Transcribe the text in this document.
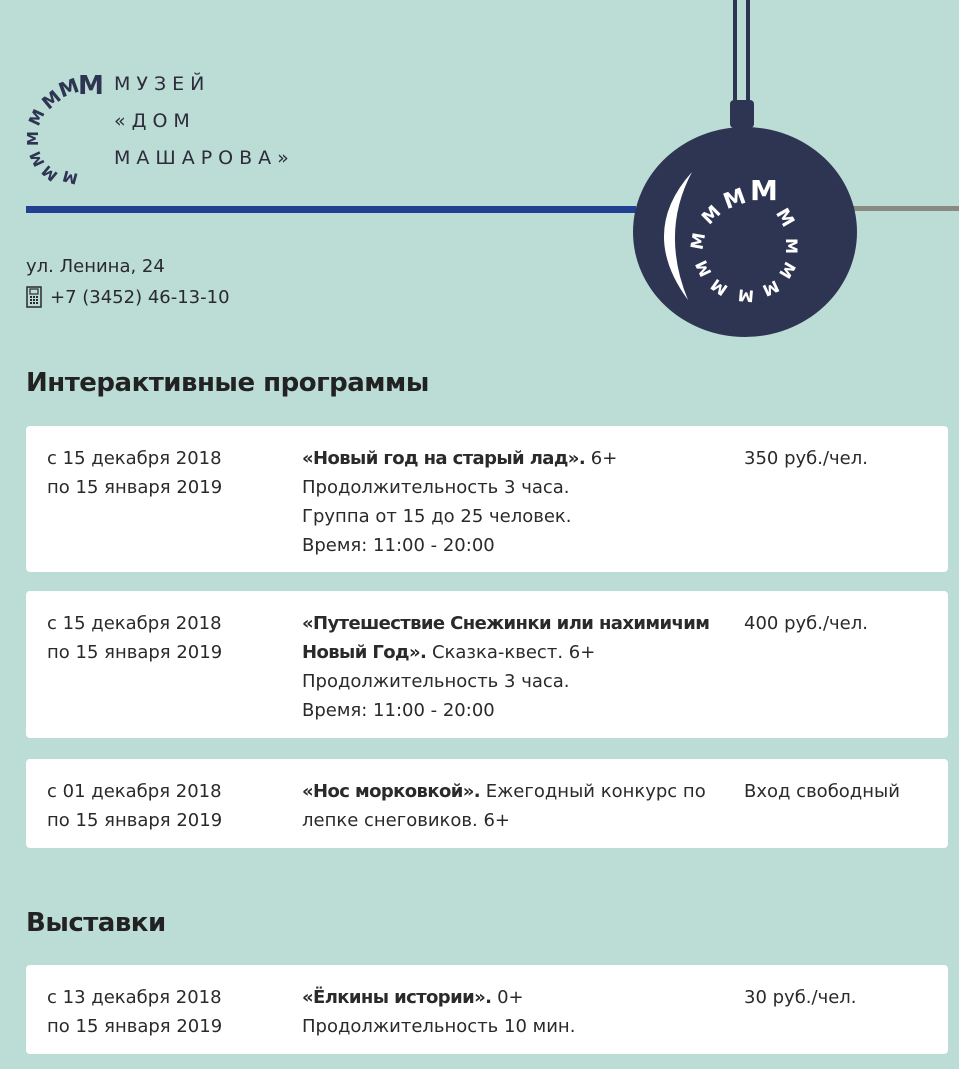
М
М
М
М
М
М
М М
МУЗЕЙ
«ДОМ
МАШАРОВА»
М
М
М
М
М
М М М
М
М
М
ул. Ленина, 24
+7 (3452) 46-13-10
Интерактивные программы
с 15 декабря 2018
по 15 января 2019
«Новый год на старый лад». 6+
Продолжительность 3 часа.
Группа от 15 до 25 человек.
Время: 11:00 - 20:00
350 руб./чел.
с 15 декабря 2018
по 15 января 2019
«Путешествие Снежинки или нахимичим Новый Год». Сказка-квест. 6+
Продолжительность 3 часа.
Время: 11:00 - 20:00
400 руб./чел.
с 01 декабря 2018
по 15 января 2019
«Нос морковкой». Ежегодный конкурс по лепке снеговиков. 6+
Вход свободный
Выставки
с 13 декабря 2018
по 15 января 2019
«Ёлкины истории». 0+
Продолжительность 10 мин.
30 руб./чел.
